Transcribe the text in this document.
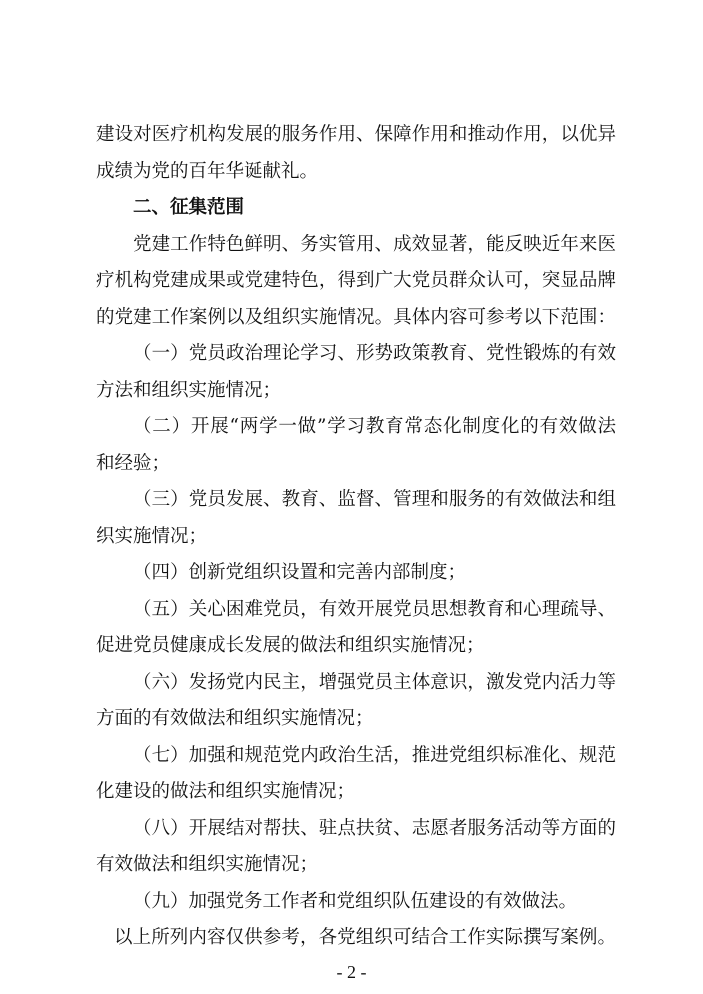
建设对医疗机构发展的服务作用、保障作用和推动作用，以优异
成绩为党的百年华诞献礼。
二、征集范围
党建工作特色鲜明、务实管用、成效显著，能反映近年来医
疗机构党建成果或党建特色，得到广大党员群众认可，突显品牌
的党建工作案例以及组织实施情况。具体内容可参考以下范围：
（一）党员政治理论学习、形势政策教育、党性锻炼的有效
方法和组织实施情况；
（二）开展“两学一做”学习教育常态化制度化的有效做法
和经验；
（三）党员发展、教育、监督、管理和服务的有效做法和组
织实施情况；
（四）创新党组织设置和完善内部制度；
（五）关心困难党员，有效开展党员思想教育和心理疏导、
促进党员健康成长发展的做法和组织实施情况；
（六）发扬党内民主，增强党员主体意识，激发党内活力等
方面的有效做法和组织实施情况；
（七）加强和规范党内政治生活，推进党组织标准化、规范
化建设的做法和组织实施情况；
（八）开展结对帮扶、驻点扶贫、志愿者服务活动等方面的
有效做法和组织实施情况；
（九）加强党务工作者和党组织队伍建设的有效做法。
以上所列内容仅供参考，各党组织可结合工作实际撰写案例。
- 2 -
